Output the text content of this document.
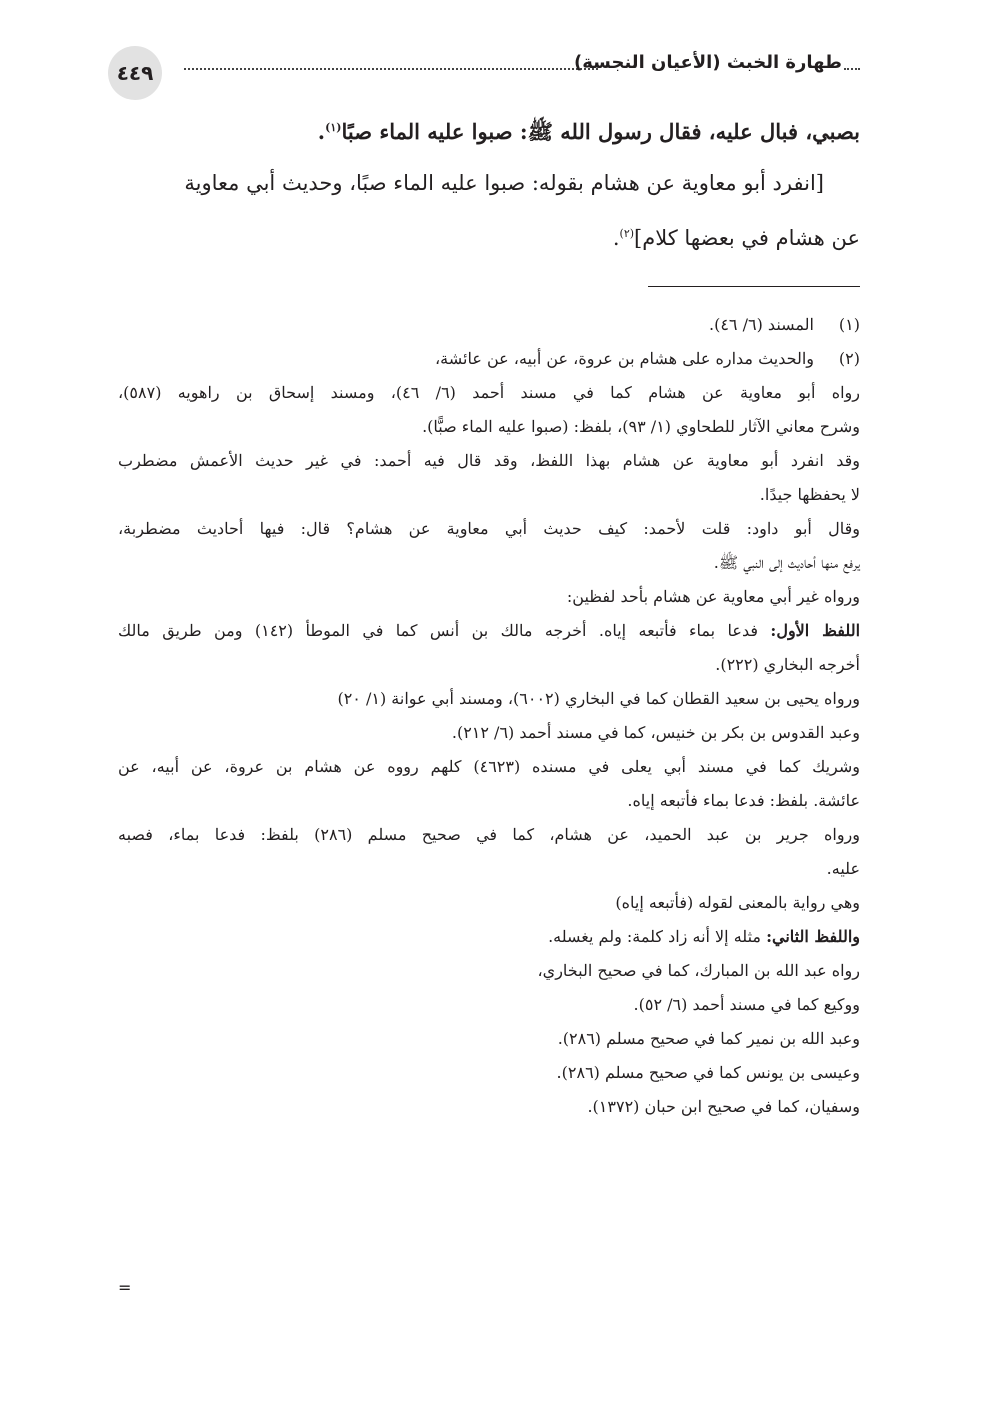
٤٤٩	طهارة الخبث (الأعيان النجسة)

بصبي، فبال عليه، فقال رسول الله ﷺ: صبوا عليه الماء صبًا$^{(١)}$.

[انفرد أبو معاوية عن هشام بقوله: صبوا عليه الماء صبًا، وحديث أبي معاوية

عن هشام في بعضها كلام]$^{(٢)}$.

(١)المسند (٦/ ٤٦).

(٢)والحديث مداره على هشام بن عروة، عن أبيه، عن عائشة،

رواه أبو معاوية عن هشام كما في مسند أحمد (٦/ ٤٦)، ومسند إسحاق بن راهويه (٥٨٧)،

وشرح معاني الآثار للطحاوي (١/ ٩٣)، بلفظ: (صبوا عليه الماء صبًّا).

وقد انفرد أبو معاوية عن هشام بهذا اللفظ، وقد قال فيه أحمد: في غير حديث الأعمش مضطرب

لا يحفظها جيدًا.

وقال أبو داود: قلت لأحمد: كيف حديث أبي معاوية عن هشام؟ قال: فيها أحاديث مضطربة،

يرفع منها أحاديث إلى النبي ﷺ.

ورواه غير أبي معاوية عن هشام بأحد لفظين:

اللفظ الأول: فدعا بماء فأتبعه إياه. أخرجه مالك بن أنس كما في الموطأ (١٤٢) ومن طريق مالك

أخرجه البخاري (٢٢٢).

ورواه يحيى بن سعيد القطان كما في البخاري (٦٠٠٢)، ومسند أبي عوانة (١/ ٢٠)

وعبد القدوس بن بكر بن خنيس، كما في مسند أحمد (٦/ ٢١٢).

وشريك كما في مسند أبي يعلى في مسنده (٤٦٢٣) كلهم رووه عن هشام بن عروة، عن أبيه، عن

عائشة. بلفظ: فدعا بماء فأتبعه إياه.

ورواه جرير بن عبد الحميد، عن هشام، كما في صحيح مسلم (٢٨٦) بلفظ: فدعا بماء، فصبه

عليه.

وهي رواية بالمعنى لقوله (فأتبعه إياه)

واللفظ الثاني: مثله إلا أنه زاد كلمة: ولم يغسله.

رواه عبد الله بن المبارك، كما في صحيح البخاري،

ووكيع كما في مسند أحمد (٦/ ٥٢).

وعبد الله بن نمير كما في صحيح مسلم (٢٨٦).

وعيسى بن يونس كما في صحيح مسلم (٢٨٦).

وسفيان، كما في صحيح ابن حبان (١٣٧٢).

=
